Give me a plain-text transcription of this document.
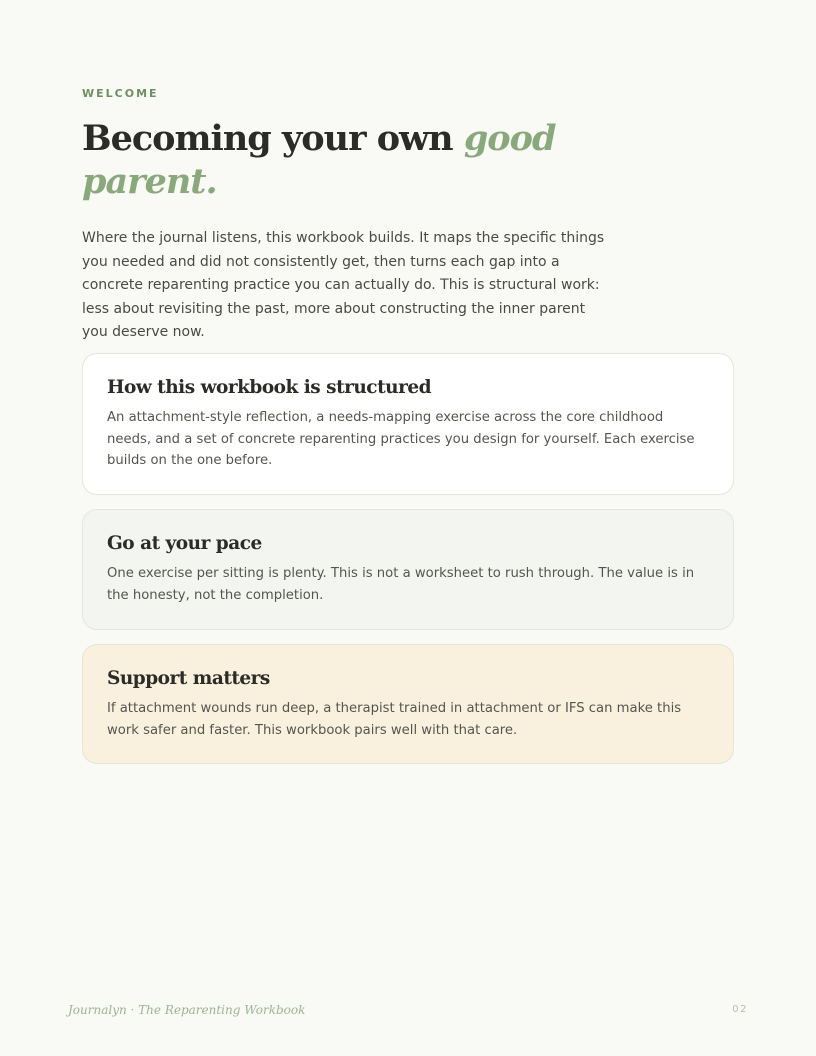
WELCOME

Becoming your own good parent.

Where the journal listens, this workbook builds. It maps the specific things you needed and did not consistently get, then turns each gap into a concrete reparenting practice you can actually do. This is structural work: less about revisiting the past, more about constructing the inner parent you deserve now.

How this workbook is structured

An attachment-style reflection, a needs-mapping exercise across the core childhood needs, and a set of concrete reparenting practices you design for yourself. Each exercise builds on the one before.

Go at your pace

One exercise per sitting is plenty. This is not a worksheet to rush through. The value is in the honesty, not the completion.

Support matters

If attachment wounds run deep, a therapist trained in attachment or IFS can make this work safer and faster. This workbook pairs well with that care.

Journalyn · The Reparenting Workbook	02
